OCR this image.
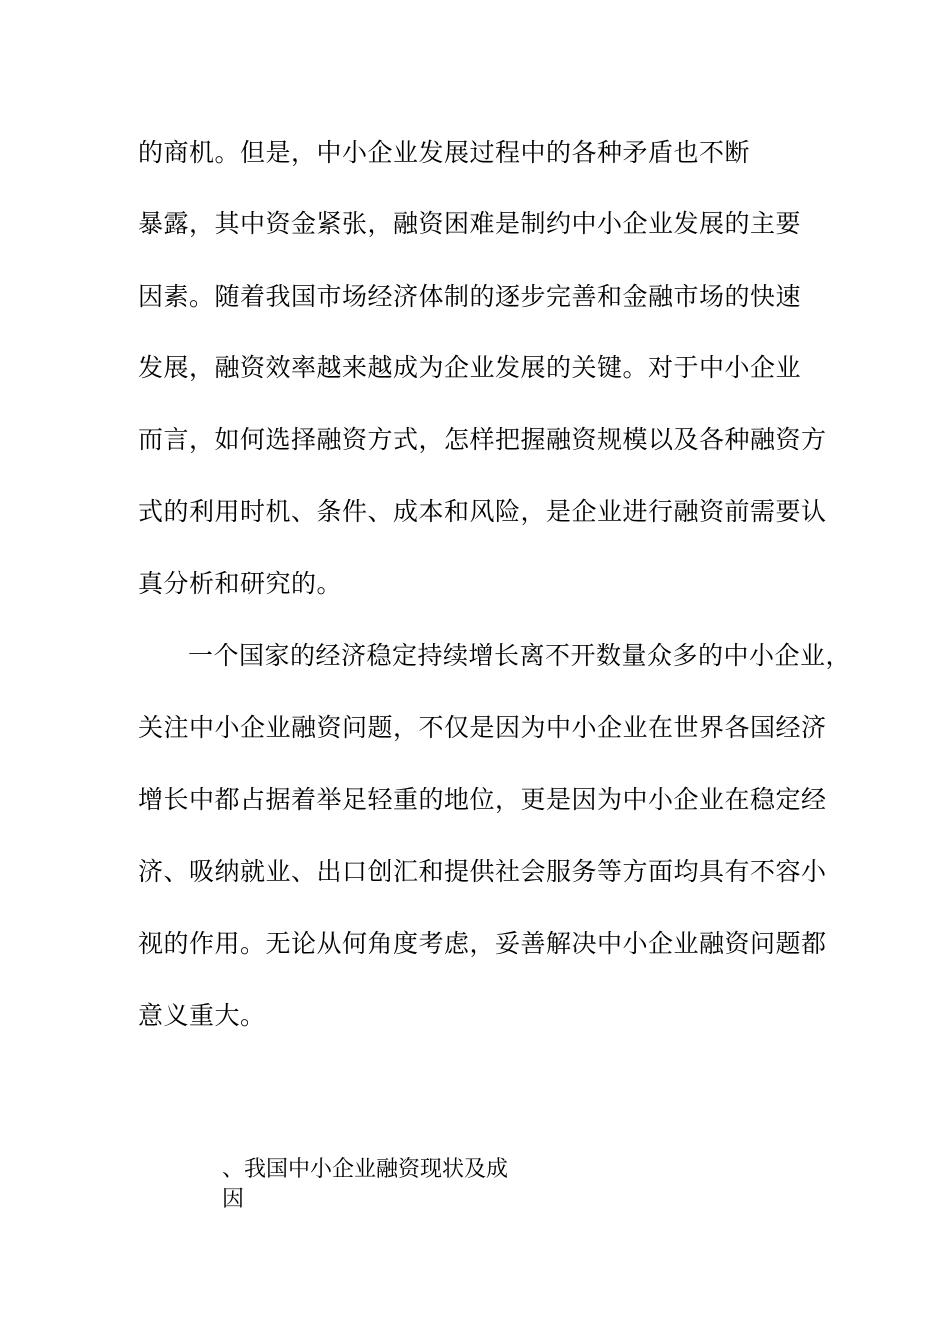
的商机。但是，中小企业发展过程中的各种矛盾也不断
暴露，其中资金紧张，融资困难是制约中小企业发展的主要
因素。随着我国市场经济体制的逐步完善和金融市场的快速
发展，融资效率越来越成为企业发展的关键。对于中小企业
而言，如何选择融资方式，怎样把握融资规模以及各种融资方
式的利用时机、条件、成本和风险，是企业进行融资前需要认
真分析和研究的。
一个国家的经济稳定持续增长离不开数量众多的中小企业，
关注中小企业融资问题，不仅是因为中小企业在世界各国经济
增长中都占据着举足轻重的地位，更是因为中小企业在稳定经
济、吸纳就业、出口创汇和提供社会服务等方面均具有不容小
视的作用。无论从何角度考虑，妥善解决中小企业融资问题都
意义重大。
、我国中小企业融资现状及成
因
